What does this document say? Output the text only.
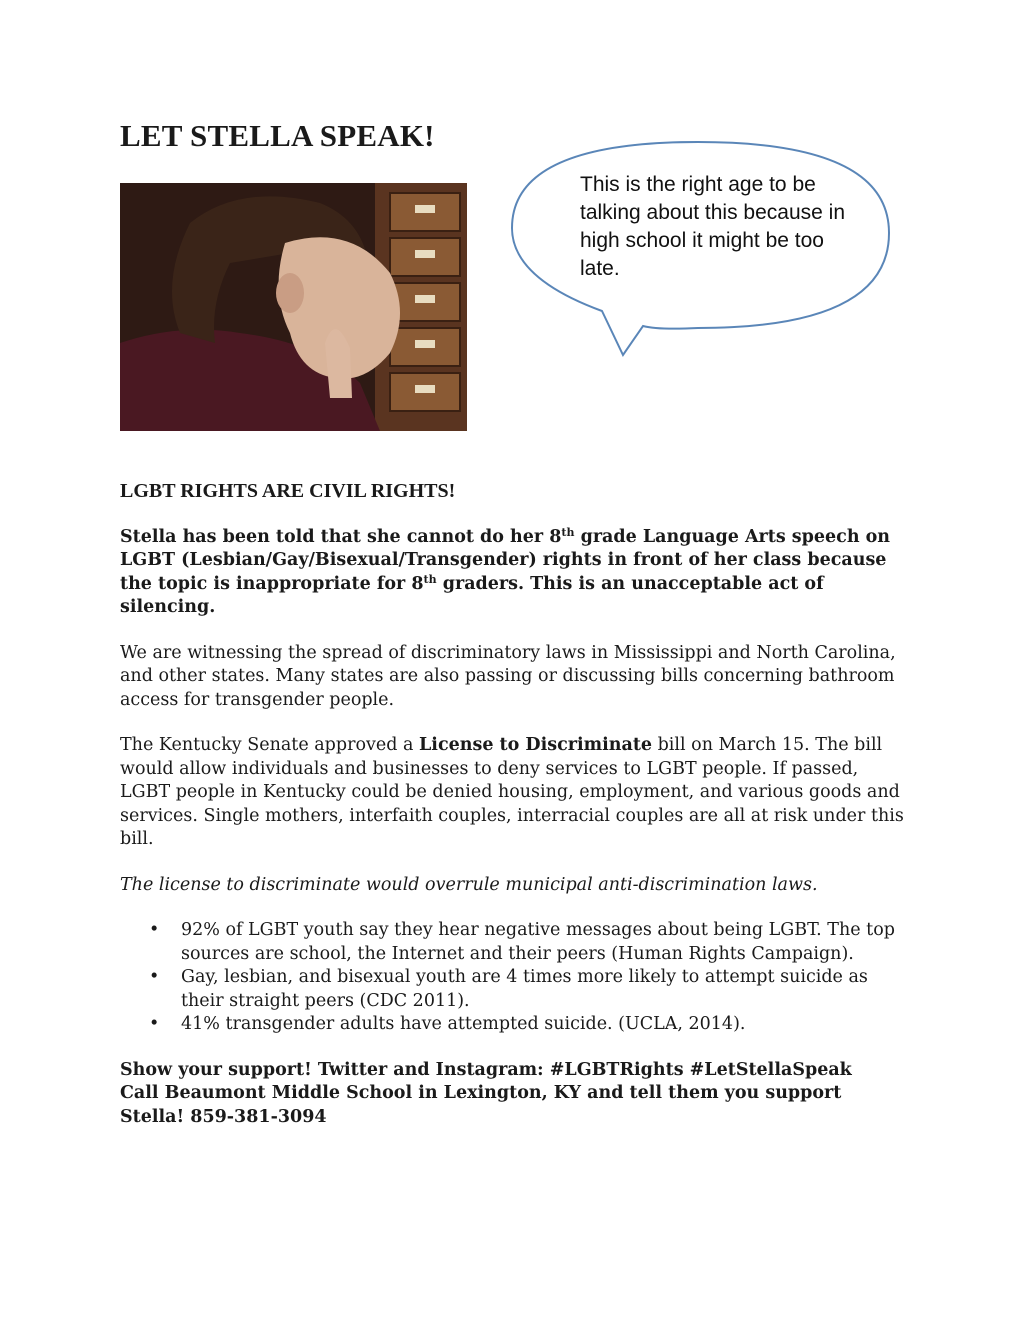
LET STELLA SPEAK!

This is the right age to be talking about this because in high school it might be too late.

LGBT RIGHTS ARE CIVIL RIGHTS!

Stella has been told that she cannot do her 8th grade Language Arts speech on LGBT (Lesbian/Gay/Bisexual/Transgender) rights in front of her class because the topic is inappropriate for 8th graders. This is an unacceptable act of silencing.

We are witnessing the spread of discriminatory laws in Mississippi and North Carolina, and other states. Many states are also passing or discussing bills concerning bathroom access for transgender people.

The Kentucky Senate approved a License to Discriminate bill on March 15. The bill would allow individuals and businesses to deny services to LGBT people. If passed, LGBT people in Kentucky could be denied housing, employment, and various goods and services. Single mothers, interfaith couples, interracial couples are all at risk under this bill.

The license to discriminate would overrule municipal anti-discrimination laws.

• 92% of LGBT youth say they hear negative messages about being LGBT. The top sources are school, the Internet and their peers (Human Rights Campaign).
• Gay, lesbian, and bisexual youth are 4 times more likely to attempt suicide as their straight peers (CDC 2011).
• 41% transgender adults have attempted suicide. (UCLA, 2014).

Show your support! Twitter and Instagram: #LGBTRights #LetStellaSpeak

Call Beaumont Middle School in Lexington, KY and tell them you support Stella! 859-381-3094
